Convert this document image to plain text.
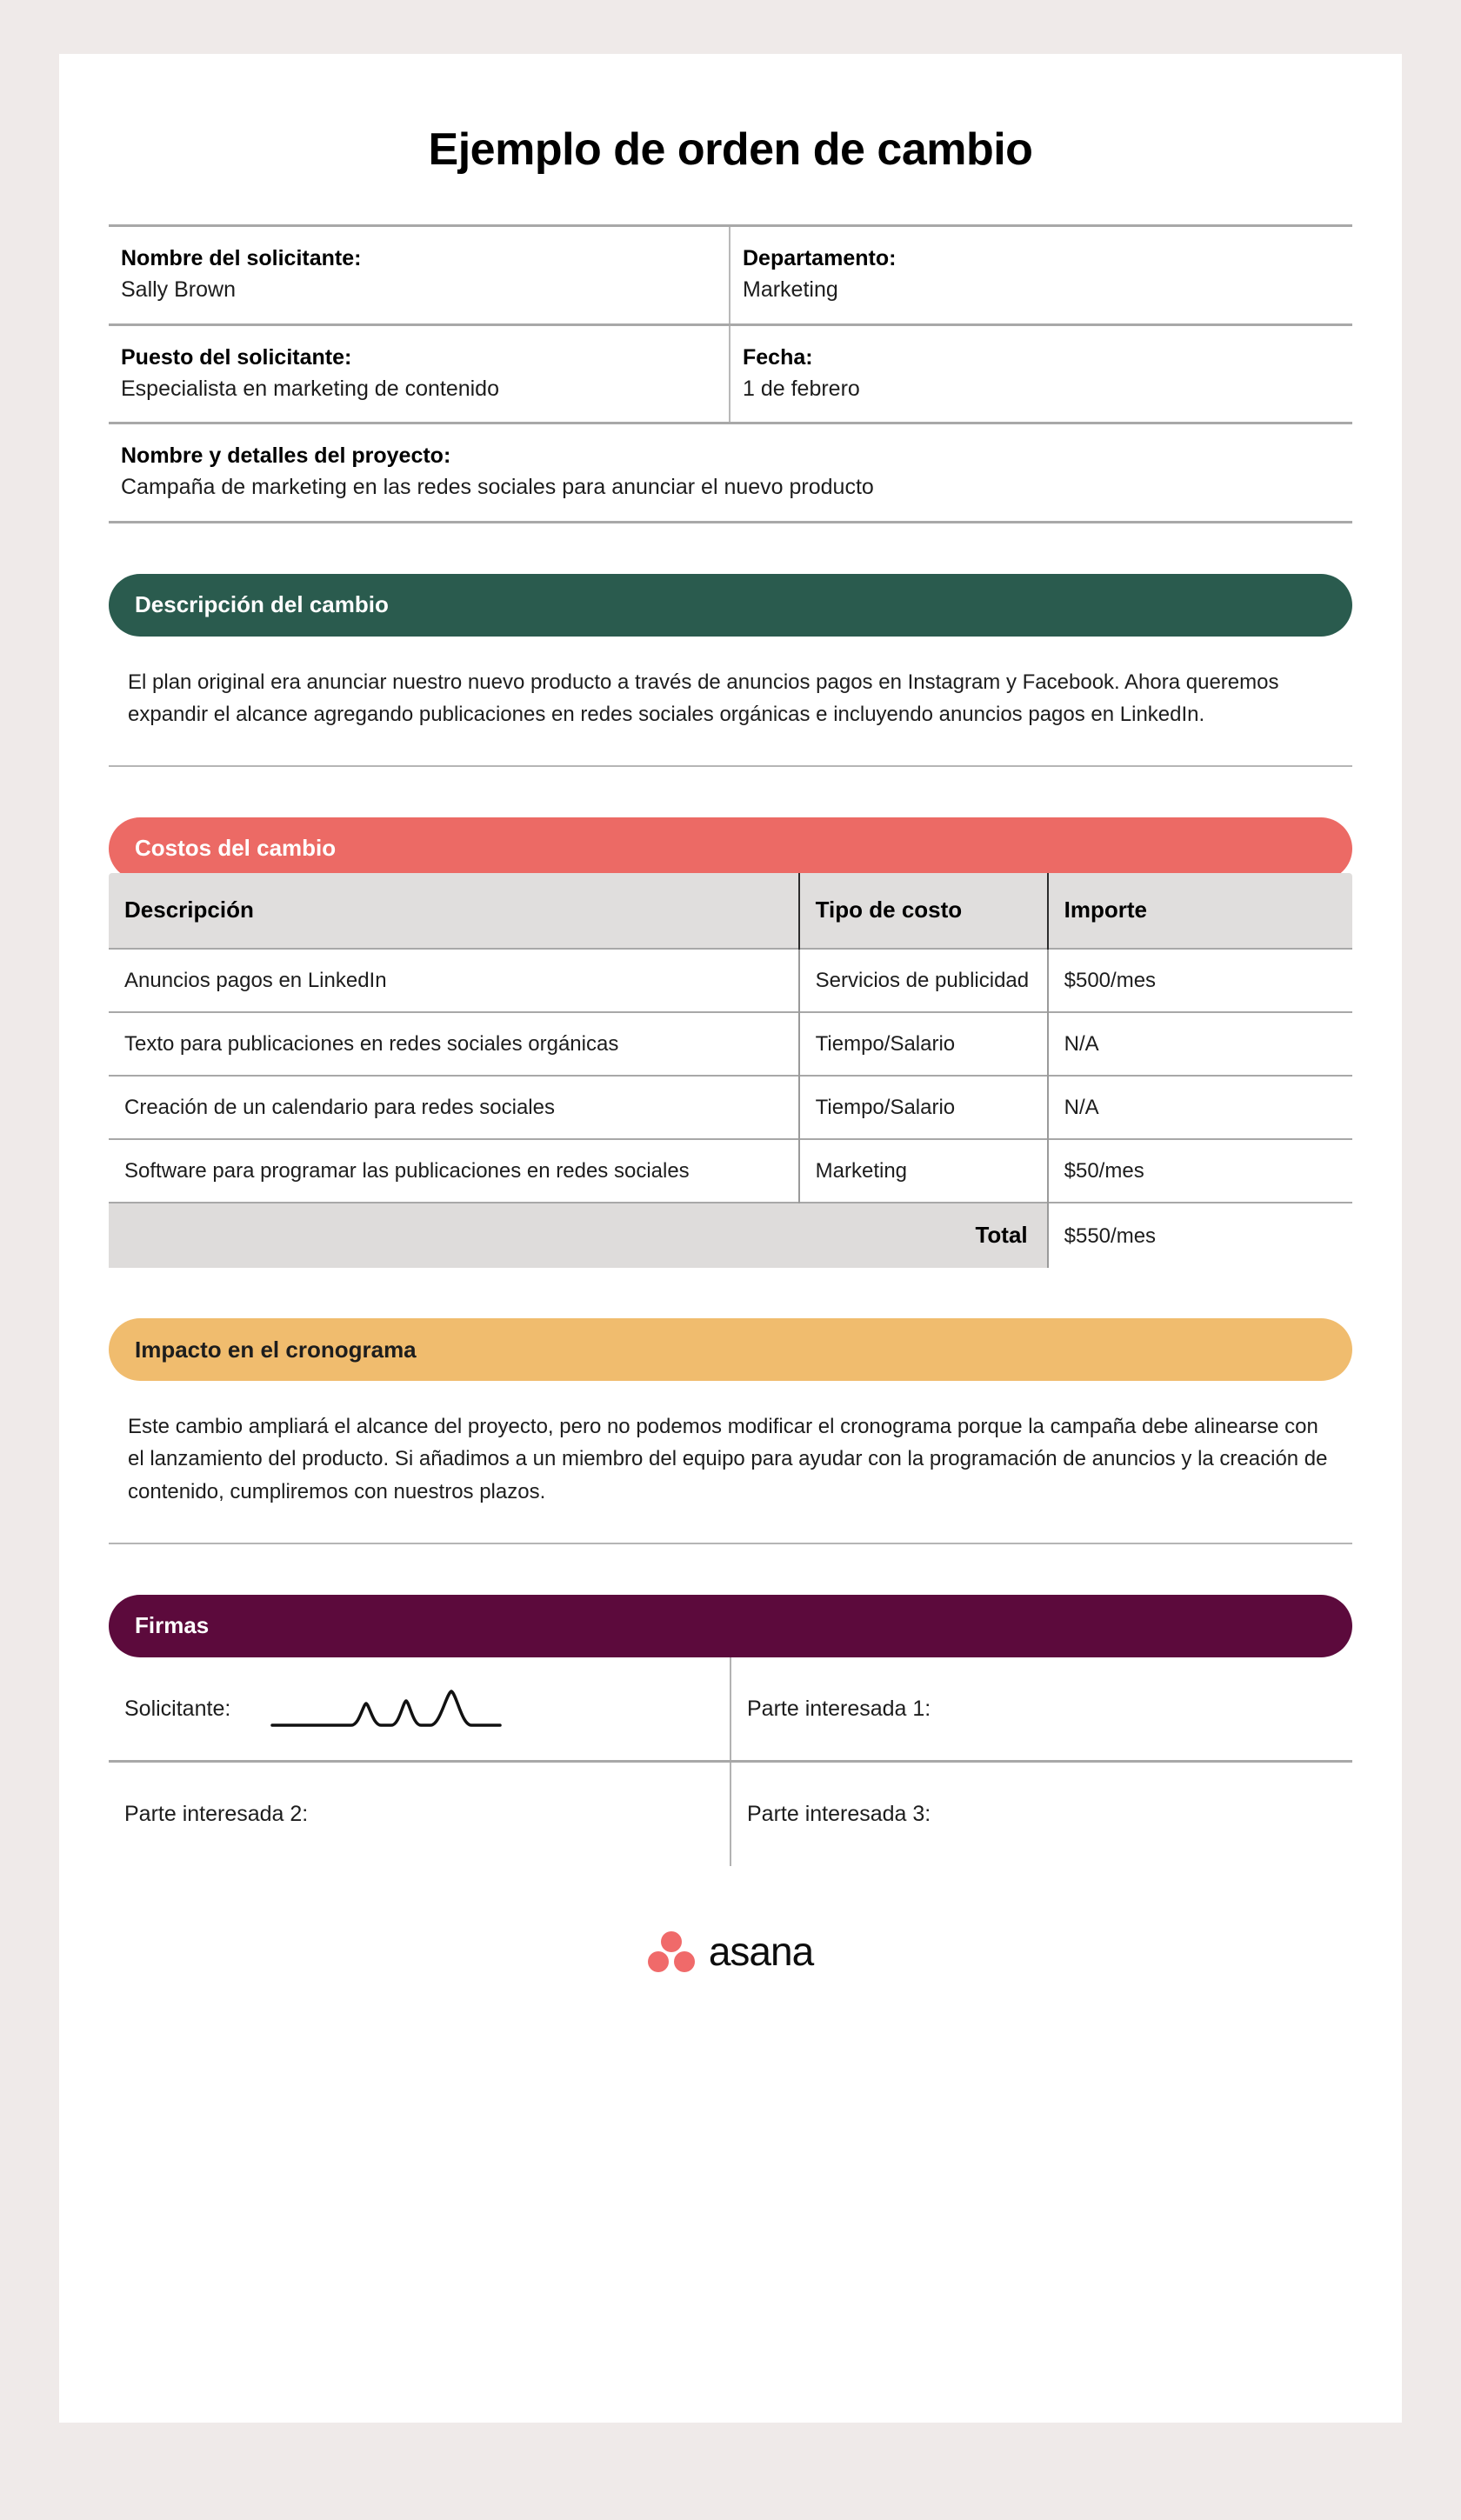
Ejemplo de orden de cambio
Nombre del solicitante:
Sally Brown
Departamento:
Marketing
Puesto del solicitante:
Especialista en marketing de contenido
Fecha:
1 de febrero
Nombre y detalles del proyecto:
Campaña de marketing en las redes sociales para anunciar el nuevo producto
Descripción del cambio
El plan original era anunciar nuestro nuevo producto a través de anuncios pagos en Instagram y Facebook. Ahora queremos expandir el alcance agregando publicaciones en redes sociales orgánicas e incluyendo anuncios pagos en LinkedIn.
Costos del cambio
Descripción	Tipo de costo	Importe
Anuncios pagos en LinkedIn	Servicios de publicidad	$500/mes
Texto para publicaciones en redes sociales orgánicas	Tiempo/Salario	N/A
Creación de un calendario para redes sociales	Tiempo/Salario	N/A
Software para programar las publicaciones en redes sociales	Marketing	$50/mes
Total		$550/mes
Impacto en el cronograma
Este cambio ampliará el alcance del proyecto, pero no podemos modificar el cronograma porque la campaña debe alinearse con el lanzamiento del producto. Si añadimos a un miembro del equipo para ayudar con la programación de anuncios y la creación de contenido, cumpliremos con nuestros plazos.
Firmas
Solicitante:	Parte interesada 1:
Parte interesada 2:	Parte interesada 3:
asana
